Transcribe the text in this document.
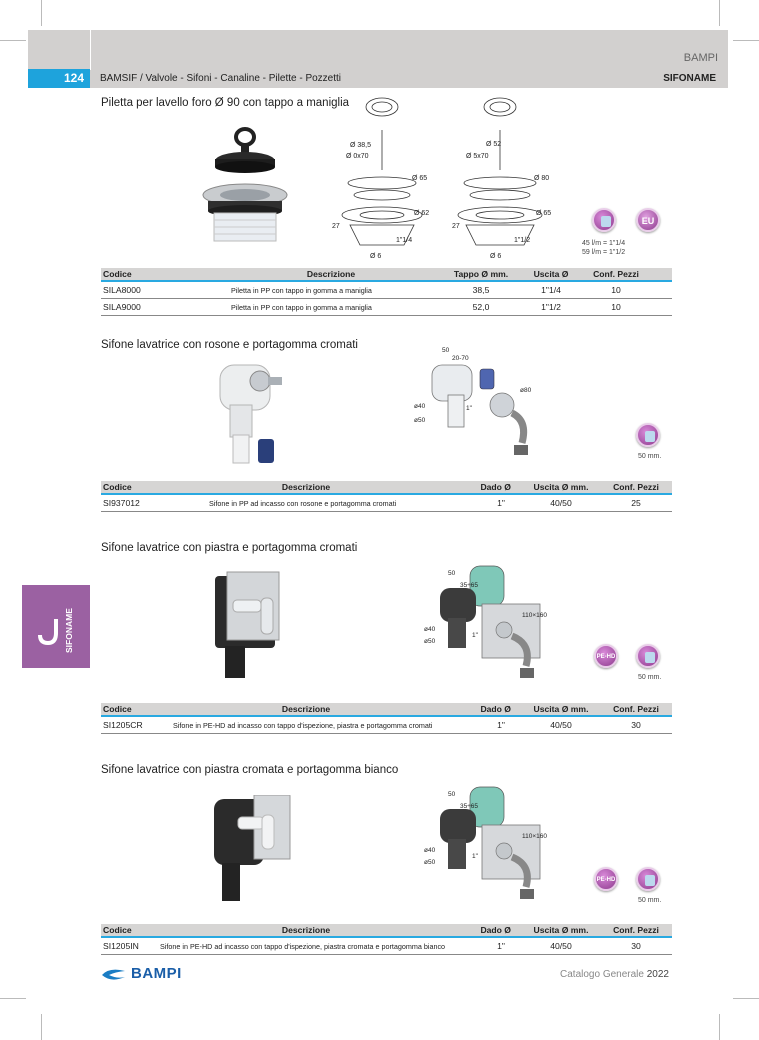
BAMPI
124	BAMSIF / Valvole - Sifoni - Canaline - Pilette - Pozzetti	SIFONAME
Piletta per lavello foro Ø 90 con tappo a maniglia
Ø 38,5
Ø 0x70
Ø 65
Ø 62
27
1"1/4
Ø 6
Ø 52
Ø 5x70
Ø 80
Ø 65
27
1"1/2
Ø 6
EU
45 l/m = 1"1/4
59 l/m = 1"1/2
Codice	Descrizione	Tappo Ø mm.	Uscita Ø	Conf. Pezzi
SILA8000	Piletta in PP con tappo in gomma a maniglia	38,5	1"1/4	10
SILA9000	Piletta in PP con tappo in gomma a maniglia	52,0	1"1/2	10
Sifone lavatrice con rosone e portagomma cromati	50
20-70
ø80
ø40
ø50
1"
50 mm.
Codice	Descrizione	Dado Ø	Uscita Ø mm.	Conf. Pezzi
SI937012	Sifone in PP ad incasso con rosone e portagomma cromati	1"	40/50	25
Sifone lavatrice con piastra e portagomma cromati
50
35÷65
110×160
ø40
ø50
1"
PE-HD
50 mm.
Codice	Descrizione	Dado Ø	Uscita Ø mm.	Conf. Pezzi
SI1205CR	Sifone in PE-HD ad incasso con tappo d'ispezione, piastra e portagomma cromati	1"	40/50	30
Sifone lavatrice con piastra cromata e portagomma bianco
50
35÷65
110×160
ø40
ø50
1"
PE-HD
50 mm.
Codice	Descrizione	Dado Ø	Uscita Ø mm.	Conf. Pezzi
SI1205IN	Sifone in PE-HD ad incasso con tappo d'ispezione, piastra cromata e portagomma bianco	1"	40/50	30
SIFONAME
BAMPI	Catalogo Generale 2022
